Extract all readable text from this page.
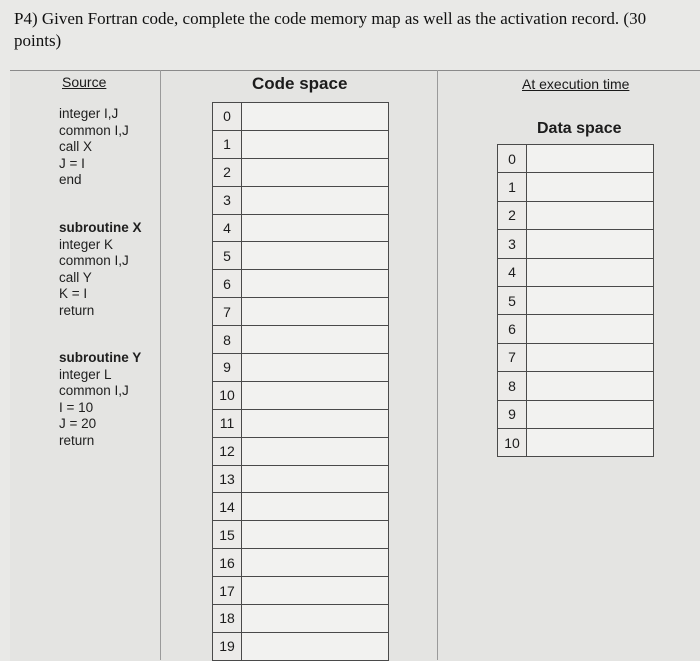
P4) Given Fortran code, complete the code memory map as well as the activation record. (30 points)
Source	Code space	At execution time
Data space
integer I,J
common I,J
call X
J = I
end
subroutine X
integer K
common I,J
call Y
K = I
return
subroutine Y
integer L
common I,J
I = 10
J = 20
return
0	
1	
2	
3	
4	
5	
6	
7	
8	
9	
10	
11	
12	
13	
14	
15	
16	
17	
18	
19	
0	
1	
2	
3	
4	
5	
6	
7	
8	
9	
10	
